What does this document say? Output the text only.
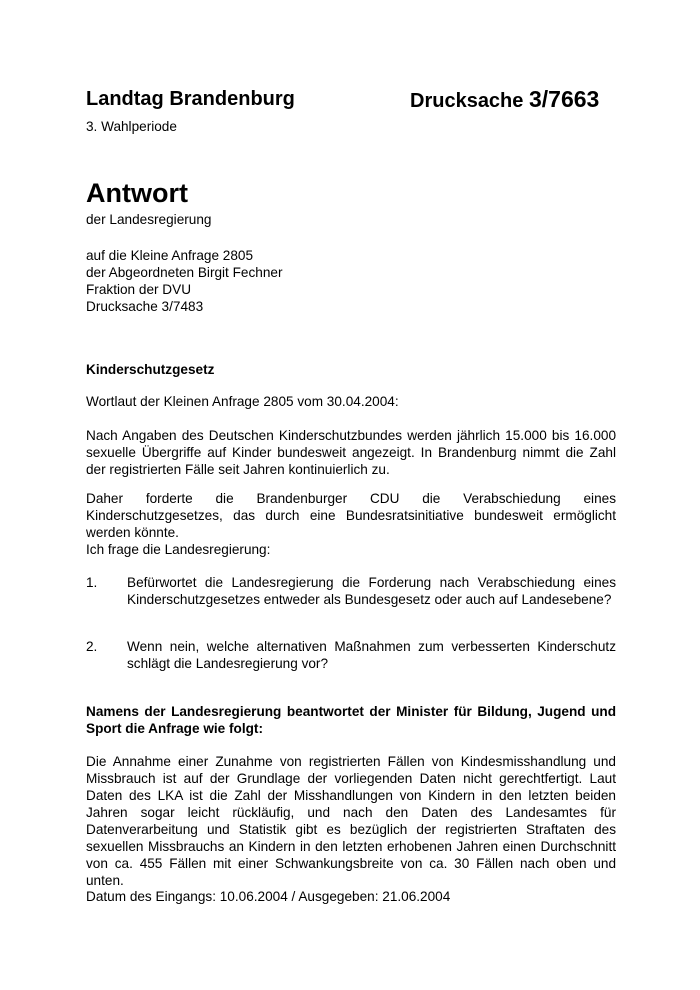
Landtag Brandenburg	Drucksache 3/7663
3. Wahlperiode
Antwort
der Landesregierung
auf die Kleine Anfrage 2805
der Abgeordneten Birgit Fechner
Fraktion der DVU
Drucksache 3/7483
Kinderschutzgesetz
Wortlaut der Kleinen Anfrage 2805 vom 30.04.2004:
Nach Angaben des Deutschen Kinderschutzbundes werden jährlich 15.000 bis 16.000 sexuelle Übergriffe auf Kinder bundesweit angezeigt. In Brandenburg nimmt die Zahl der registrierten Fälle seit Jahren kontinuierlich zu.
Daher forderte die Brandenburger CDU die Verabschiedung eines Kinderschutzgesetzes, das durch eine Bundesratsinitiative bundesweit ermöglicht werden könnte.
Ich frage die Landesregierung:
1. Befürwortet die Landesregierung die Forderung nach Verabschiedung eines Kinderschutzgesetzes entweder als Bundesgesetz oder auch auf Landesebene?
2. Wenn nein, welche alternativen Maßnahmen zum verbesserten Kinderschutz schlägt die Landesregierung vor?
Namens der Landesregierung beantwortet der Minister für Bildung, Jugend und Sport die Anfrage wie folgt:
Die Annahme einer Zunahme von registrierten Fällen von Kindesmisshandlung und Missbrauch ist auf der Grundlage der vorliegenden Daten nicht gerechtfertigt. Laut Daten des LKA ist die Zahl der Misshandlungen von Kindern in den letzten beiden Jahren sogar leicht rückläufig, und nach den Daten des Landesamtes für Datenverarbeitung und Statistik gibt es bezüglich der registrierten Straftaten des sexuellen Missbrauchs an Kindern in den letzten erhobenen Jahren einen Durchschnitt von ca. 455 Fällen mit einer Schwankungsbreite von ca. 30 Fällen nach oben und unten.
Datum des Eingangs: 10.06.2004 / Ausgegeben: 21.06.2004
